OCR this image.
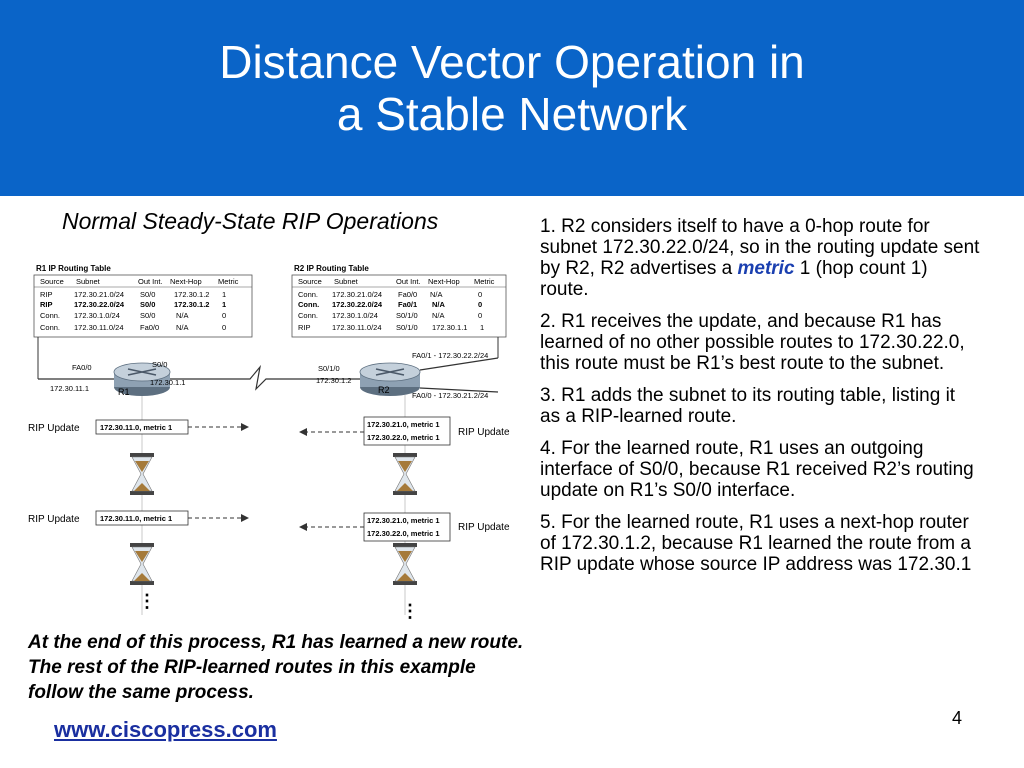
Distance Vector Operation in
a Stable Network
Normal Steady-State RIP Operations
R1 IP Routing Table
Source Subnet	Out Int. Next-Hop Metric
RIP	172.30.21.0/24 S0/0 172.30.1.2 1
RIP	172.30.22.0/24 S0/0 172.30.1.2 1
Conn. 172.30.1.0/24	S0/0	N/A	0
Conn. 172.30.11.0/24 Fa0/0 N/A	0
R2 IP Routing Table
Source Subnet	Out Int. Next-Hop Metric
Conn. 172.30.21.0/24 Fa0/0 N/A	0
Conn. 172.30.22.0/24 Fa0/1 N/A	0
Conn. 172.30.1.0/24 S0/1/0 N/A	0
RIP	172.30.11.0/24 S0/1/0 172.30.1.1 1
R1	R2
FA0/0
172.30.11.1
S0/0
172.30.1.1
S0/1/0
172.30.1.2
FA0/1 - 172.30.22.2/24
FA0/0 - 172.30.21.2/24
RIP Update	172.30.11.0, metric 1	172.30.21.0, metric 1
172.30.22.0, metric 1 RIP Update
RIP Update	172.30.11.0, metric 1	172.30.21.0, metric 1
172.30.22.0, metric 1
RIP Update
⋮	⋮

1. R2 considers itself to have a 0-hop route for subnet 172.30.22.0/24, so in the routing update sent by R2, R2 advertises a metric 1 (hop count 1) route.

2. R1 receives the update, and because R1 has learned of no other possible routes to 172.30.22.0, this route must be R1’s best route to the subnet.

3. R1 adds the subnet to its routing table, listing it as a RIP-learned route.

4. For the learned route, R1 uses an outgoing interface of S0/0, because R1 received R2’s routing update on R1’s S0/0 interface.

5. For the learned route, R1 uses a next-hop router of 172.30.1.2, because R1 learned the route from a RIP update whose source IP address was 172.30.1

At the end of this process, R1 has learned a new route. The rest of the RIP-learned routes in this example follow the same process.
www.ciscopress.com	4
